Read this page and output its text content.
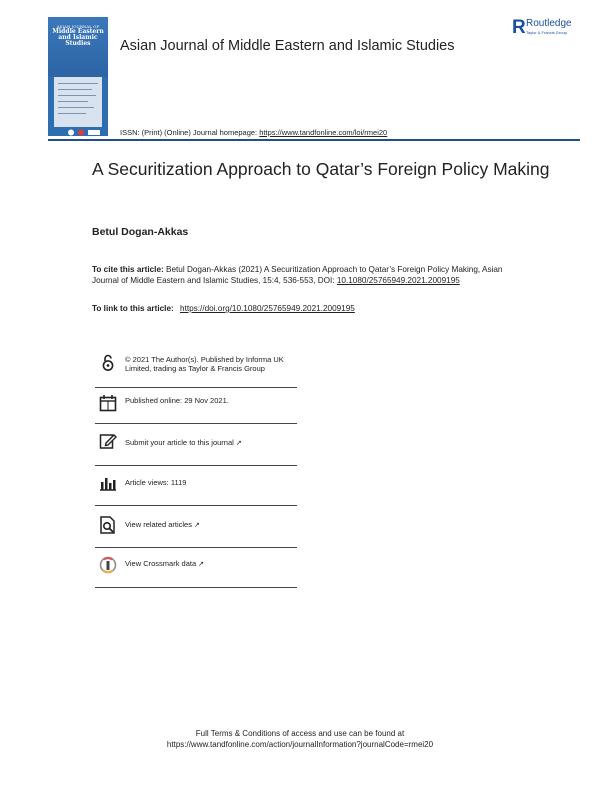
ASIAN JOURNAL OF
Middle Eastern and Islamic Studies
R Routledge
Taylor & Francis Group
Asian Journal of Middle Eastern and Islamic Studies
ISSN: (Print) (Online) Journal homepage: https://www.tandfonline.com/loi/rmei20
A Securitization Approach to Qatar’s Foreign Policy Making
Betul Dogan-Akkas
To cite this article: Betul Dogan-Akkas (2021) A Securitization Approach to Qatar’s Foreign Policy Making, Asian Journal of Middle Eastern and Islamic Studies, 15:4, 536-553, DOI: 10.1080/25765949.2021.2009195
To link to this article: https://doi.org/10.1080/25765949.2021.2009195
© 2021 The Author(s). Published by Informa UK Limited, trading as Taylor & Francis Group
Published online: 29 Nov 2021.
Submit your article to this journal ↗
Article views: 1119
View related articles ↗
View Crossmark data ↗
Full Terms & Conditions of access and use can be found at
https://www.tandfonline.com/action/journalInformation?journalCode=rmei20
